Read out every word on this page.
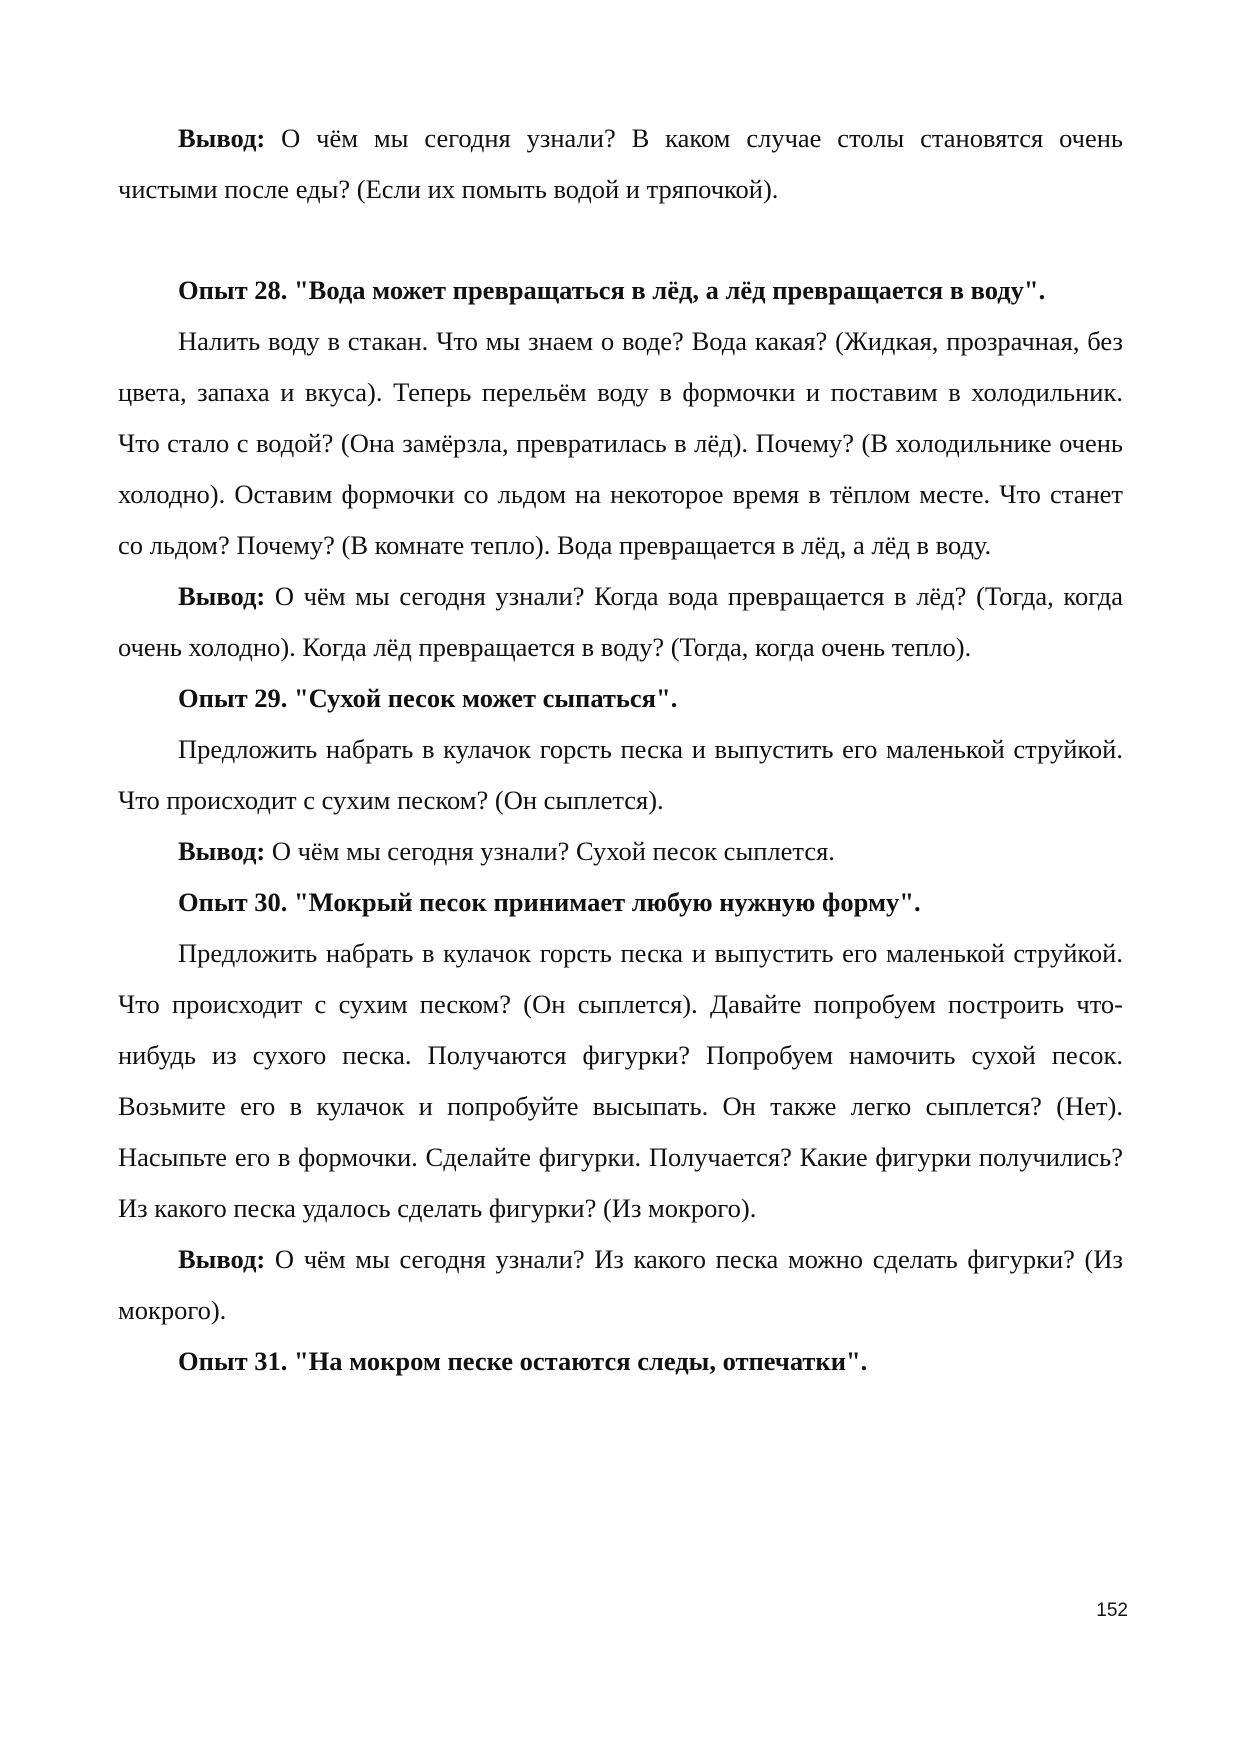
Вывод: О чём мы сегодня узнали? В каком случае столы становятся очень чистыми после еды? (Если их помыть водой и тряпочкой).

Опыт 28. "Вода может превращаться в лёд, а лёд превращается в воду".

Налить воду в стакан. Что мы знаем о воде? Вода какая? (Жидкая, прозрачная, без цвета, запаха и вкуса). Теперь перельём воду в формочки и поставим в холодильник. Что стало с водой? (Она замёрзла, превратилась в лёд). Почему? (В холодильнике очень холодно). Оставим формочки со льдом на некоторое время в тёплом месте. Что станет со льдом? Почему? (В комнате тепло). Вода превращается в лёд, а лёд в воду.

Вывод: О чём мы сегодня узнали? Когда вода превращается в лёд? (Тогда, когда очень холодно). Когда лёд превращается в воду? (Тогда, когда очень тепло).

Опыт 29. "Сухой песок может сыпаться".

Предложить набрать в кулачок горсть песка и выпустить его маленькой струйкой. Что происходит с сухим песком? (Он сыплется).

Вывод: О чём мы сегодня узнали? Сухой песок сыплется.

Опыт 30. "Мокрый песок принимает любую нужную форму".

Предложить набрать в кулачок горсть песка и выпустить его маленькой струйкой. Что происходит с сухим песком? (Он сыплется). Давайте попробуем построить что-нибудь из сухого песка. Получаются фигурки? Попробуем намочить сухой песок. Возьмите его в кулачок и попробуйте высыпать. Он также легко сыплется? (Нет). Насыпьте его в формочки. Сделайте фигурки. Получается? Какие фигурки получились? Из какого песка удалось сделать фигурки? (Из мокрого).

Вывод: О чём мы сегодня узнали? Из какого песка можно сделать фигурки? (Из мокрого).

Опыт 31. "На мокром песке остаются следы, отпечатки".

152
